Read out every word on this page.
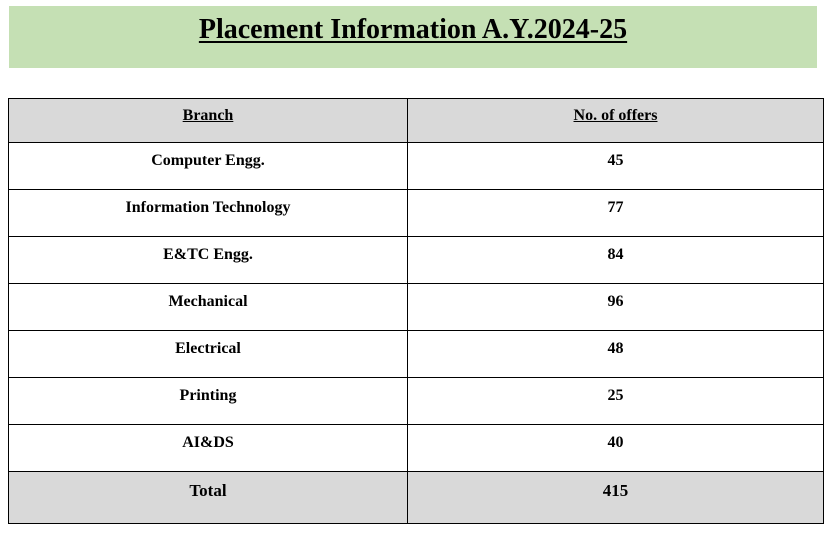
Placement Information A.Y.2024-25
Branch	No. of offers
Computer Engg.	45
Information Technology	77
E&TC Engg.	84
Mechanical	96
Electrical	48
Printing	25
AI&DS	40
Total	415
